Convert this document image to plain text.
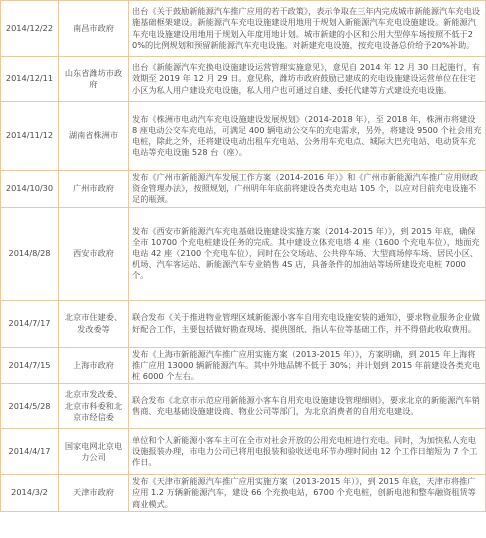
2014/12/22	南昌市政府	出台《关于鼓励新能源汽车推广应用的若干政策》，表示争取在三年内完成城市新能源汽车充电设施基础框架建设。新能源汽车充电设施建设用地用于规划入新能源汽车充电设施建设。新能源汽车充电设施建设用地用于规划入年度用地计划。城市新建的小区和公用大型停车场按照不低于20%的比例规划和预留新能源汽车充电设施。对新建充电设施，按充电设备总价给予20%补助。
2014/12/11	山东省潍坊市政府	出台《新能源汽车充换电设施建设运营管理实施意见》，意见自 2014 年 12 月 30 日起施行，有效期至 2019 年 12 月 29 日。意见称，潍坊市政府鼓励已建成的充电设施建设运营单位在住宅小区为私人用户建设充电设施，私人用户也可通过自建、委托代建等方式建设充电设施。
2014/11/12	湖南省株洲市	发布《株洲市电动汽车充电设施建设发展规划》（2014-2018 年），至 2018 年，株洲市将建设 8 座电动公交车充电站，可满足 400 辆电动公交车的充电需求，另外，将建设 9500 个社会用充电桩，除此之外，还将建设电动出租车充电站、公务用车充电点、城际大巴充电站、电动货车充电站等充电设施 528 台（座）。
2014/10/30	广州市政府	发布《广州市新能源汽车发展工作方案（2014-2016 年）》和《广州市新能源汽车推广应用财政资金管理办法》，按照规划，广州明年年底前将建设各类充电站 105 个，以应对目前充电设施不足的瓶颈。
2014/8/28	西安市政府	发布《西安市新能源汽车充电基础设施建设实施方案（2014-2015 年）》，到 2015 年底，确保全市 10700 个充电桩建设任务的完成。其中建设立体充电塔 4 座（1600 个充电车位），地面充电站 42 座（2100 个充电车位），同时在公交场站、公共停车场、大型商场停车场、居民小区、机场、汽车客运站、新能源汽车专业销售 4S 店，具备条件的加油站等场所建设充电桩 7000 个。
2014/7/17	北京市住建委、发改委等	联合发布《关于推进物业管理区域新能源小客车自用充电设施安装的通知》，要求物业服务企业做好配合工作，主要包括做好勘查现场、提供图纸、指认车位等基础工作，并不得借此收取费用。
2014/7/15	上海市政府	发布《上海市新能源汽车推广应用实施方案（2013-2015 年）》，方案明确，到 2015 年上海将推广应用 13000 辆新能源汽车。其中外地品牌不低于 30%；并计划到 2015 年前建设各类充电桩 6000 个左右。
2014/5/28	北京市发改委、北京市科委和北京市经信委	联合发布《北京市示范应用新能源小客车自用充电设施建设管理细则》，要求北京的新能源汽车销售商、充电基础设施建设商、物业公司等部门，为北京消费者的自用充电建设。
2014/4/17	国家电网北京电力公司	单位和个人新能源小客车主可在全市对社会开放的公用充电桩进行充电。同时，为加快私人充电设施报装办理，市电力公司已将用电报装和验收送电环节办理时间由 12 个工作日缩短为 7 个工作日。
2014/3/2	天津市政府	发布《天津市新能源汽车推广应用实施方案（2013-2015 年）》，到 2015 年底，天津市将推广应用 1.2 万辆新能源汽车，建设 66 个充换电站，6700 个充电桩，创新电池和整车融资租赁等商业模式。
